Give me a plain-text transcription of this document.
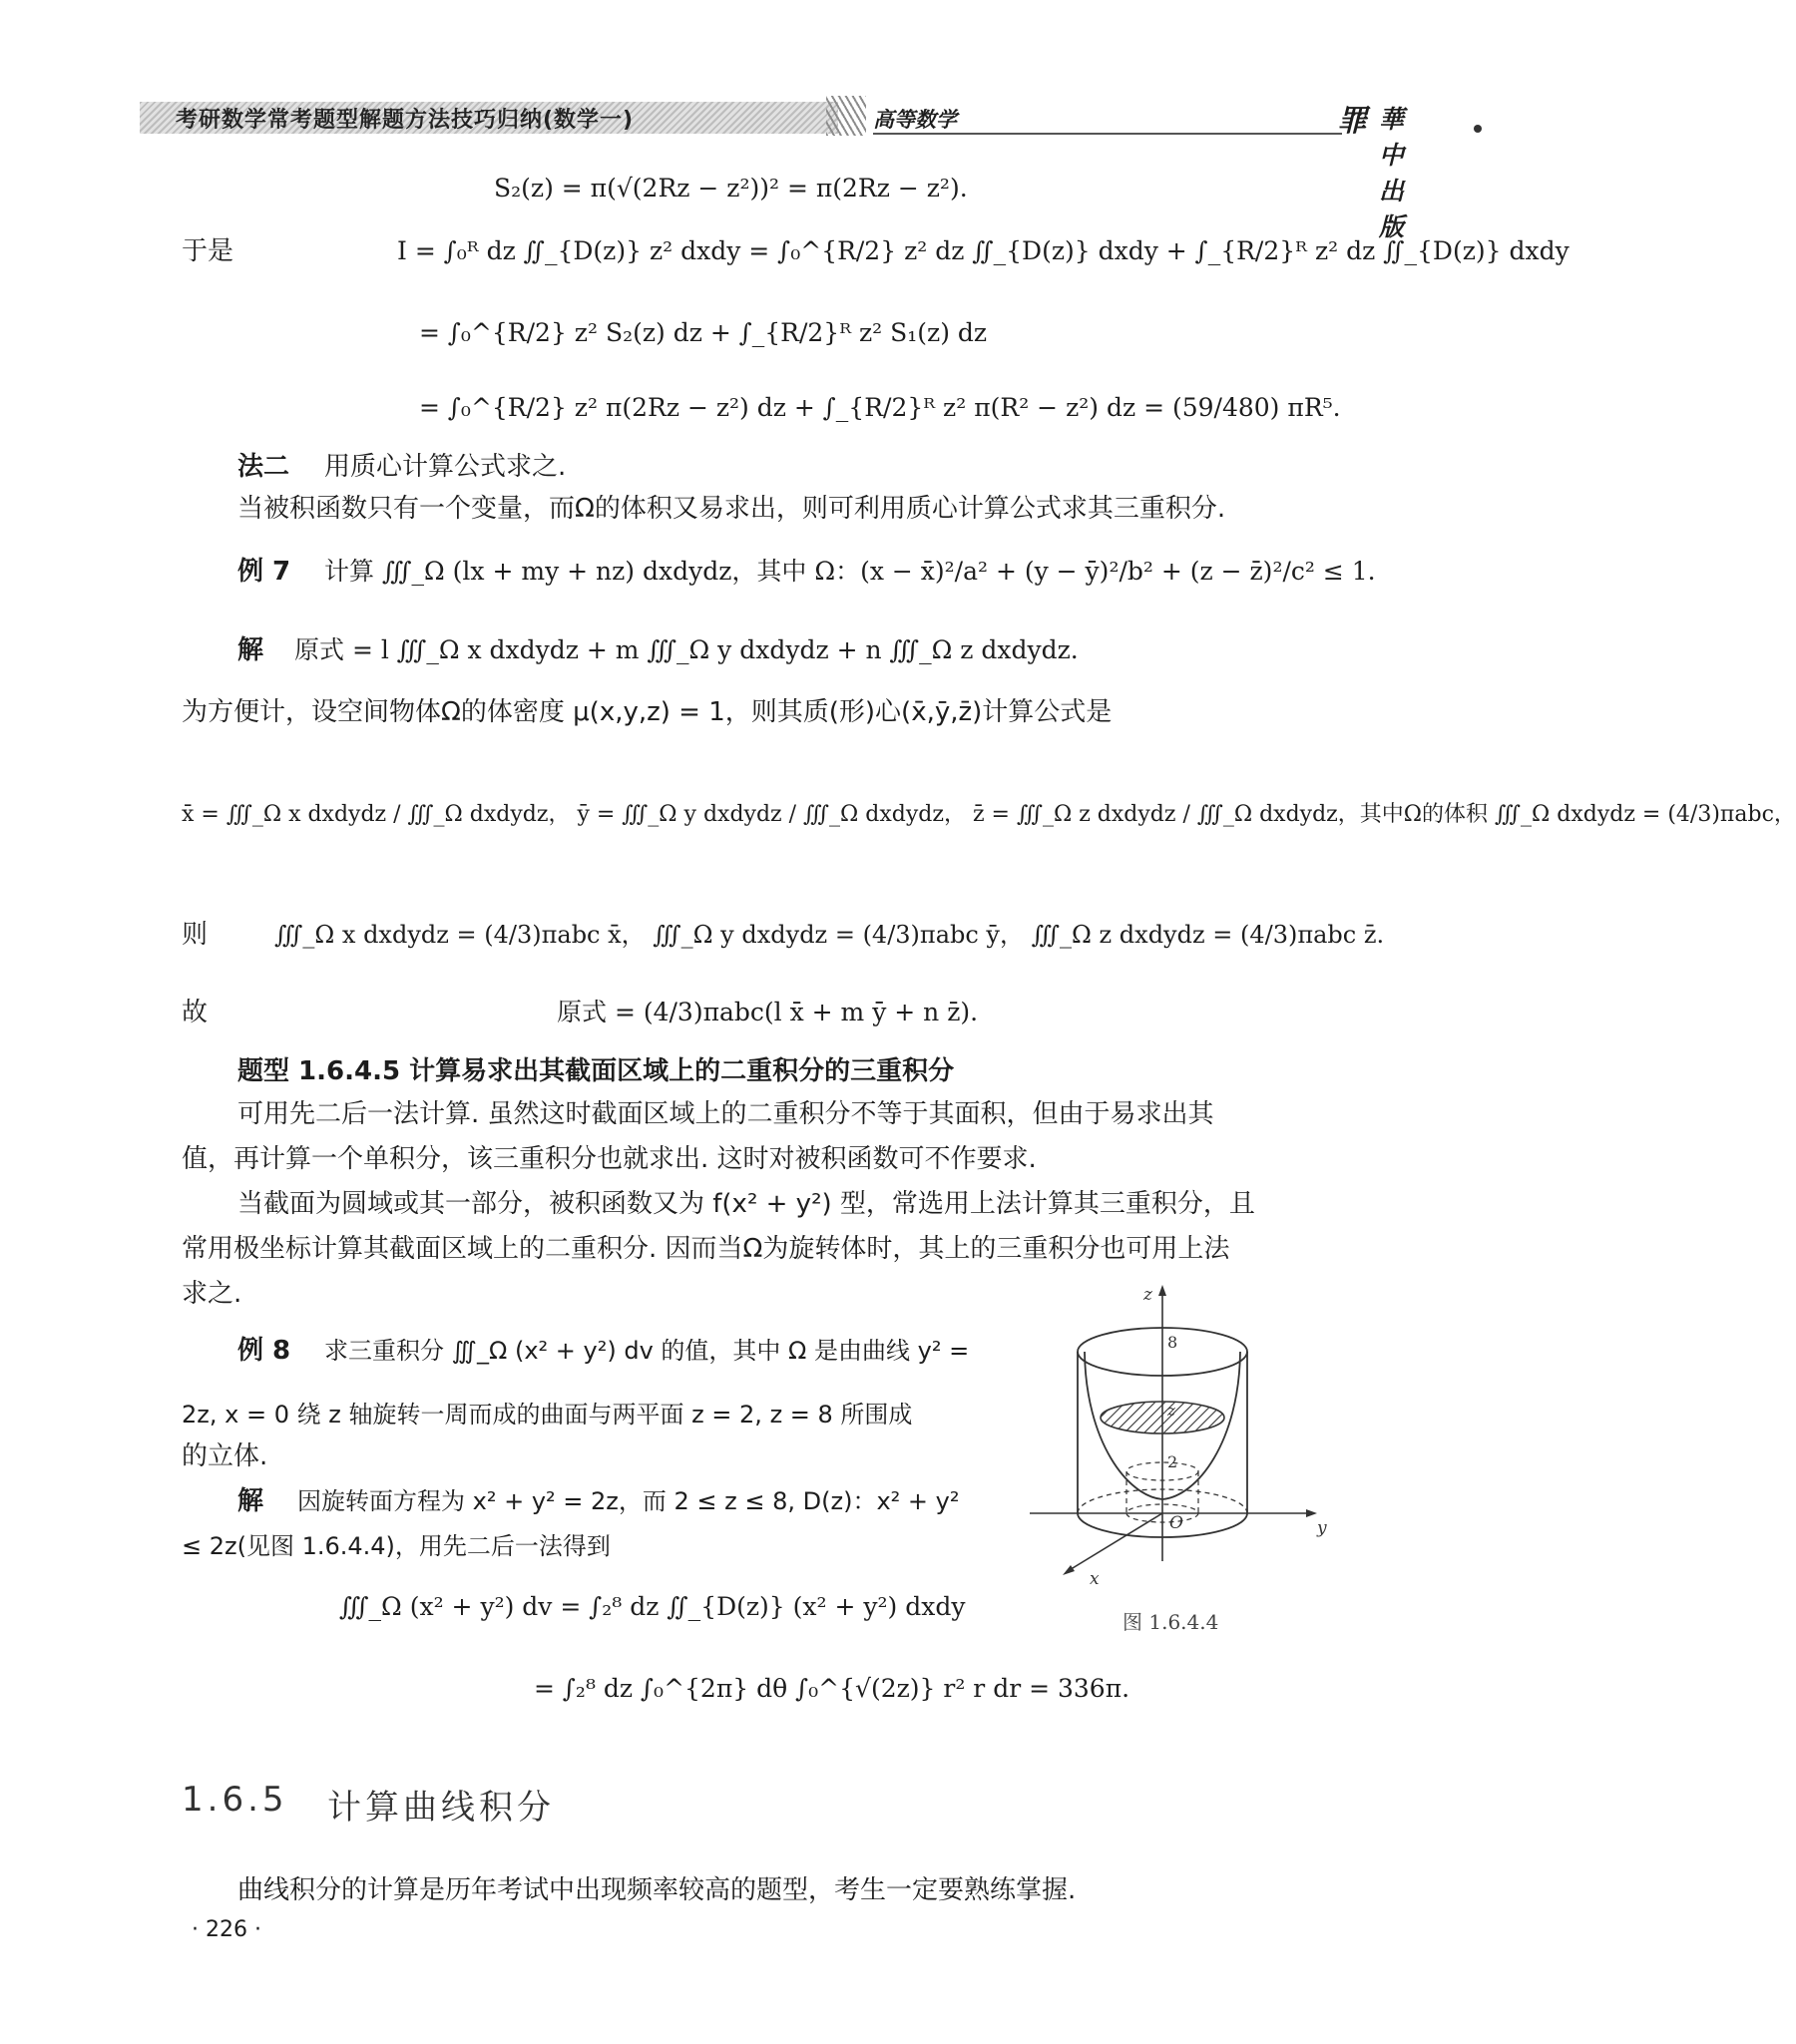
考研数学常考题型解题方法技巧归纳(数学一)	高等数学	罪 華中出版
S₂(z) = π(√(2Rz − z²))² = π(2Rz − z²).
于是	I = ∫₀ᴿ dz ∬_{D(z)} z² dxdy = ∫₀^{R/2} z² dz ∬_{D(z)} dxdy + ∫_{R/2}ᴿ z² dz ∬_{D(z)} dxdy
= ∫₀^{R/2} z² S₂(z) dz + ∫_{R/2}ᴿ z² S₁(z) dz
= ∫₀^{R/2} z² π(2Rz − z²) dz + ∫_{R/2}ᴿ z² π(R² − z²) dz = (59/480) πR⁵.
法二 用质心计算公式求之.
当被积函数只有一个变量，而Ω的体积又易求出，则可利用质心计算公式求其三重积分.
例 7 计算 ∭_Ω (lx + my + nz) dxdydz，其中 Ω：(x − x̄)²/a² + (y − ȳ)²/b² + (z − z̄)²/c² ≤ 1.
解 原式 = l ∭_Ω x dxdydz + m ∭_Ω y dxdydz + n ∭_Ω z dxdydz.
为方便计，设空间物体Ω的体密度 μ(x,y,z) = 1，则其质(形)心(x̄,ȳ,z̄)计算公式是
x̄ = ∭_Ω x dxdydz / ∭_Ω dxdydz， ȳ = ∭_Ω y dxdydz / ∭_Ω dxdydz， z̄ = ∭_Ω z dxdydz / ∭_Ω dxdydz，其中Ω的体积 ∭_Ω dxdydz = (4/3)πabc，
则	∭_Ω x dxdydz = (4/3)πabc x̄， ∭_Ω y dxdydz = (4/3)πabc ȳ， ∭_Ω z dxdydz = (4/3)πabc z̄.
故	原式 = (4/3)πabc(l x̄ + m ȳ + n z̄).
题型 1.6.4.5 计算易求出其截面区域上的二重积分的三重积分
可用先二后一法计算. 虽然这时截面区域上的二重积分不等于其面积，但由于易求出其
值，再计算一个单积分，该三重积分也就求出. 这时对被积函数可不作要求.
当截面为圆域或其一部分，被积函数又为 f(x² + y²) 型，常选用上法计算其三重积分，且
常用极坐标计算其截面区域上的二重积分. 因而当Ω为旋转体时，其上的三重积分也可用上法
求之.
例 8 求三重积分 ∭_Ω (x² + y²) dv 的值，其中 Ω 是由曲线 y² =
2z, x = 0 绕 z 轴旋转一周而成的曲面与两平面 z = 2, z = 8 所围成
的立体.
解 因旋转面方程为 x² + y² = 2z，而 2 ≤ z ≤ 8, D(z)：x² + y²
≤ 2z(见图 1.6.4.4)，用先二后一法得到
∭_Ω (x² + y²) dv = ∫₂⁸ dz ∬_{D(z)} (x² + y²) dxdy
= ∫₂⁸ dz ∫₀^{2π} dθ ∫₀^{√(2z)} r² r dr = 336π.
z
y
x
O
8
z
2
图 1.6.4.4
1.6.5 计算曲线积分
曲线积分的计算是历年考试中出现频率较高的题型，考生一定要熟练掌握.
· 226 ·
